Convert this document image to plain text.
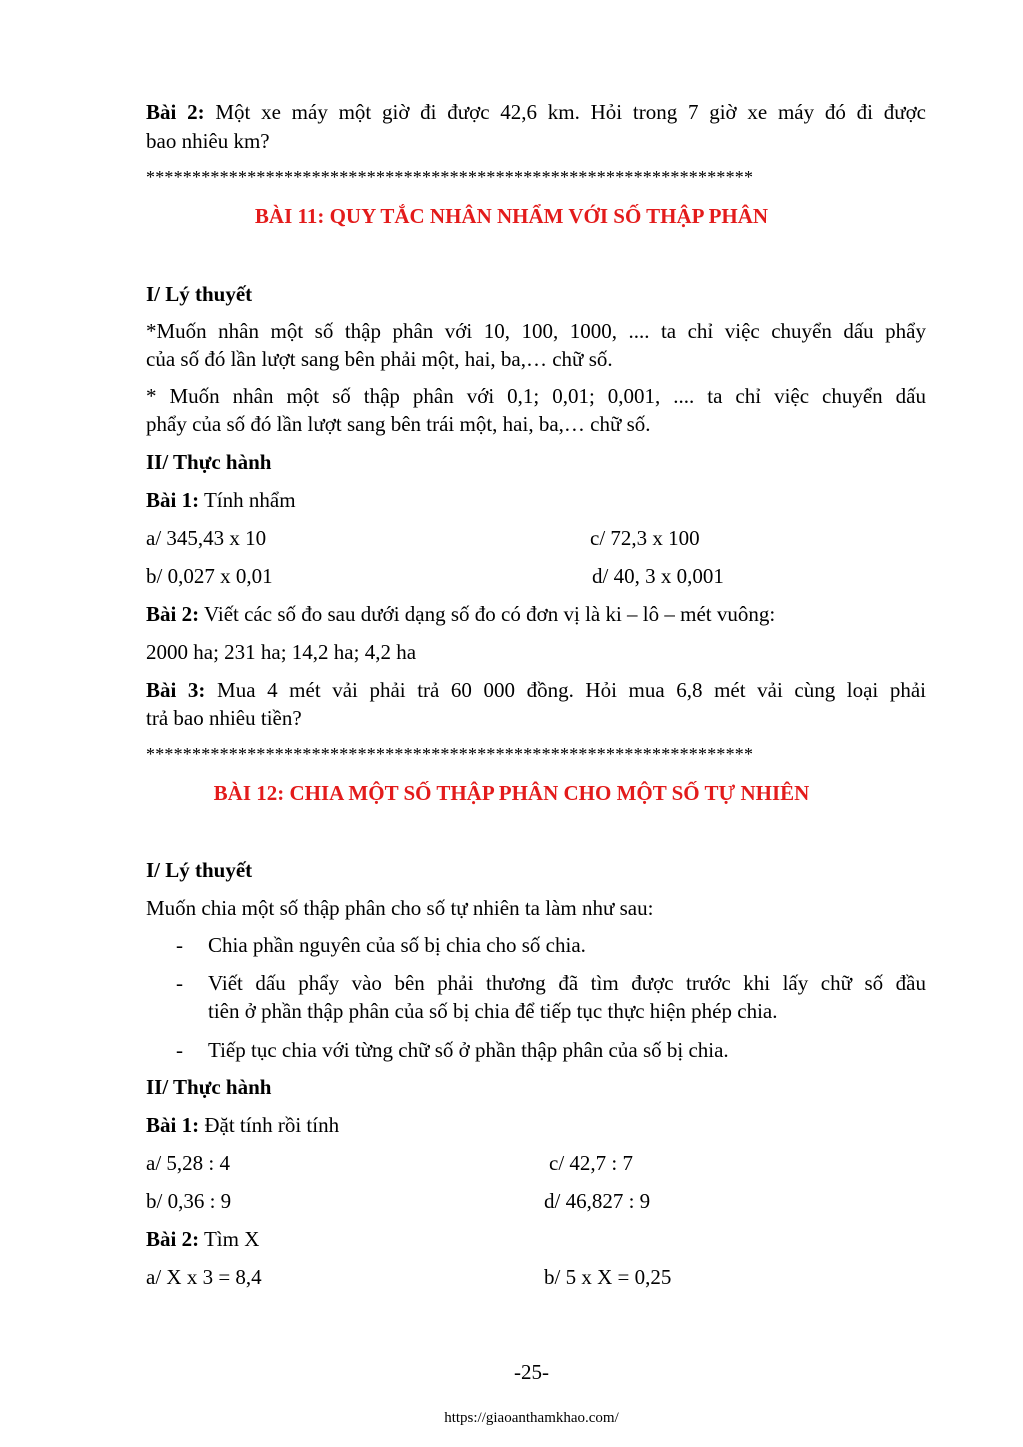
Bài 2: Một xe máy một giờ đi được 42,6 km. Hỏi trong 7 giờ xe máy đó đi được
bao nhiêu km?
******************************************************************
BÀI 11: QUY TẮC NHÂN NHẨM VỚI SỐ THẬP PHÂN
I/ Lý thuyết
*Muốn nhân một số thập phân với 10, 100, 1000, .... ta chỉ việc chuyển dấu phẩy
của số đó lần lượt sang bên phải một, hai, ba,… chữ số.
* Muốn nhân một số thập phân với 0,1; 0,01; 0,001, .... ta chỉ việc chuyển dấu
phẩy của số đó lần lượt sang bên trái một, hai, ba,… chữ số.
II/ Thực hành
Bài 1: Tính nhẩm
a/ 345,43 x 10	c/ 72,3 x 100
b/ 0,027 x 0,01	d/ 40, 3 x 0,001
Bài 2: Viết các số đo sau dưới dạng số đo có đơn vị là ki – lô – mét vuông:
2000 ha; 231 ha; 14,2 ha; 4,2 ha
Bài 3: Mua 4 mét vải phải trả 60 000 đồng. Hỏi mua 6,8 mét vải cùng loại phải
trả bao nhiêu tiền?
******************************************************************
BÀI 12: CHIA MỘT SỐ THẬP PHÂN CHO MỘT SỐ TỰ NHIÊN
I/ Lý thuyết
Muốn chia một số thập phân cho số tự nhiên ta làm như sau:
- Chia phần nguyên của số bị chia cho số chia.
- Viết dấu phẩy vào bên phải thương đã tìm được trước khi lấy chữ số đầu
tiên ở phần thập phân của số bị chia để tiếp tục thực hiện phép chia.
- Tiếp tục chia với từng chữ số ở phần thập phân của số bị chia.
II/ Thực hành
Bài 1: Đặt tính rồi tính
a/ 5,28 : 4	c/ 42,7 : 7
b/ 0,36 : 9	d/ 46,827 : 9
Bài 2: Tìm X
a/ X x 3 = 8,4	b/ 5 x X = 0,25
-25-
https://giaoanthamkhao.com/
